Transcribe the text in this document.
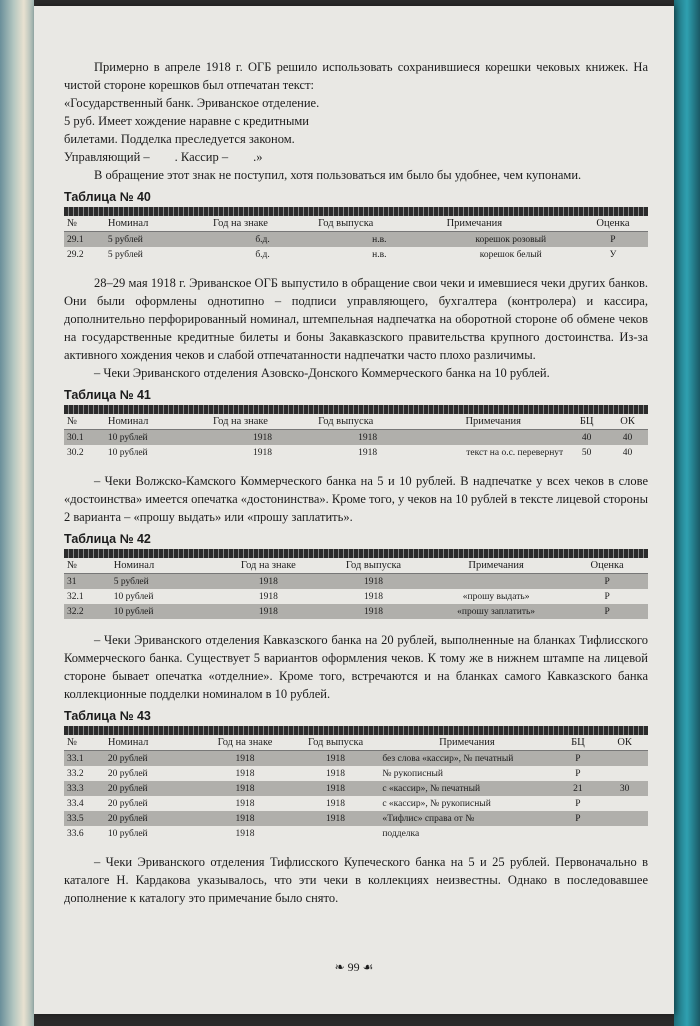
Примерно в апреле 1918 г. ОГБ решило использовать сохранившиеся корешки чековых книжек. На чистой стороне корешков был отпечатан текст:

«Государственный банк. Эриванское отделение.

5 руб. Имеет хождение наравне с кредитными

билетами. Подделка преследуется законом.

Управляющий –        . Кассир –        .»

В обращение этот знак не поступил, хотя пользоваться им было бы удобнее, чем купонами.

Таблица № 40
№	Номинал	Год на знаке	Год выпуска	Примечания	Оценка
29.1	5 рублей	б.д.	н.в.	корешок розовый	Р
29.2	5 рублей	б.д.	н.в.	корешок белый	У

28–29 мая 1918 г. Эриванское ОГБ выпустило в обращение свои чеки и имевшиеся чеки других банков. Они были оформлены однотипно – подписи управляющего, бухгалтера (контролера) и кассира, дополнительно перфорированный номинал, штемпельная надпечатка на оборотной стороне об обмене чеков на государственные кредитные билеты и боны Закавказского правительства крупного достоинства. Из-за активного хождения чеков и слабой отпечатанности надпечатки часто плохо различимы.

– Чеки Эриванского отделения Азовско-Донского Коммерческого банка на 10 рублей.

Таблица № 41
№	Номинал	Год на знаке	Год выпуска	Примечания	БЦ	ОК
30.1	10 рублей	1918	1918		40	40
30.2	10 рублей	1918	1918	текст на о.с. перевернут	50	40

– Чеки Волжско-Камского Коммерческого банка на 5 и 10 рублей. В надпечатке у всех чеков в слове «достоинства» имеется опечатка «достонинства». Кроме того, у чеков на 10 рублей в тексте лицевой стороны 2 варианта – «прошу выдать» или «прошу заплатить».

Таблица № 42
№	Номинал	Год на знаке	Год выпуска	Примечания	Оценка
31	5 рублей	1918	1918		Р
32.1	10 рублей	1918	1918	«прошу выдать»	Р
32.2	10 рублей	1918	1918	«прошу заплатить»	Р

– Чеки Эриванского отделения Кавказского банка на 20 рублей, выполненные на бланках Тифлисского Коммерческого банка. Существует 5 вариантов оформления чеков. К тому же в нижнем штампе на лицевой стороне бывает опечатка «отделние». Кроме того, встречаются и на бланках самого Кавказского банка коллекционные подделки номиналом в 10 рублей.

Таблица № 43
№	Номинал	Год на знаке	Год выпуска	Примечания	БЦ	ОК
33.1	20 рублей	1918	1918	без слова «кассир», № печатный	Р	
33.2	20 рублей	1918	1918	№ рукописный	Р	
33.3	20 рублей	1918	1918	с «кассир», № печатный	21	30
33.4	20 рублей	1918	1918	с «кассир», № рукописный	Р	
33.5	20 рублей	1918	1918	«Тифлис» справа от №	Р	
33.6	10 рублей	1918		подделка		

– Чеки Эриванского отделения Тифлисского Купеческого банка на 5 и 25 рублей. Первоначально в каталоге Н. Кардакова указывалось, что эти чеки в коллекциях неизвестны. Однако в последовавшее дополнение к каталогу это примечание было снято.

❧ 99 ☙
